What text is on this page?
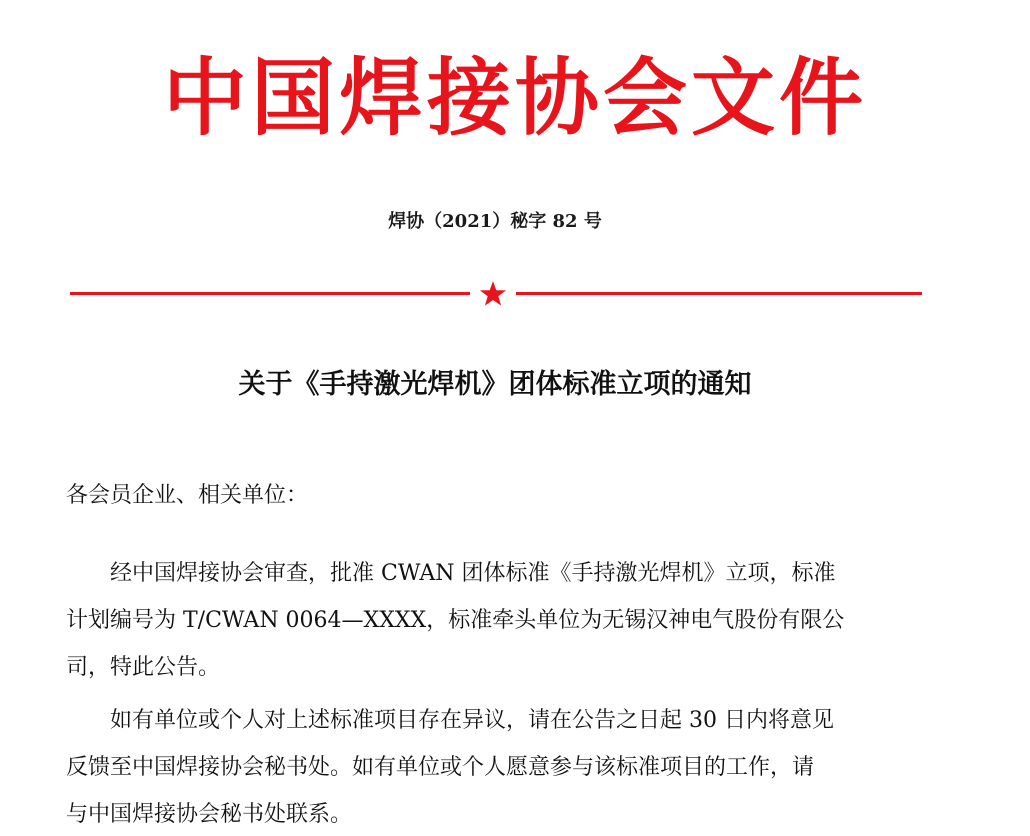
中国焊接协会文件
焊协（2021）秘字 82 号
关于《手持激光焊机》团体标准立项的通知
各会员企业、相关单位：
经中国焊接协会审查，批准 CWAN 团体标准《手持激光焊机》立项，标准
计划编号为 T/CWAN 0064—XXXX，标准牵头单位为无锡汉神电气股份有限公
司，特此公告。
如有单位或个人对上述标准项目存在异议，请在公告之日起 30 日内将意见
反馈至中国焊接协会秘书处。如有单位或个人愿意参与该标准项目的工作，请
与中国焊接协会秘书处联系。
